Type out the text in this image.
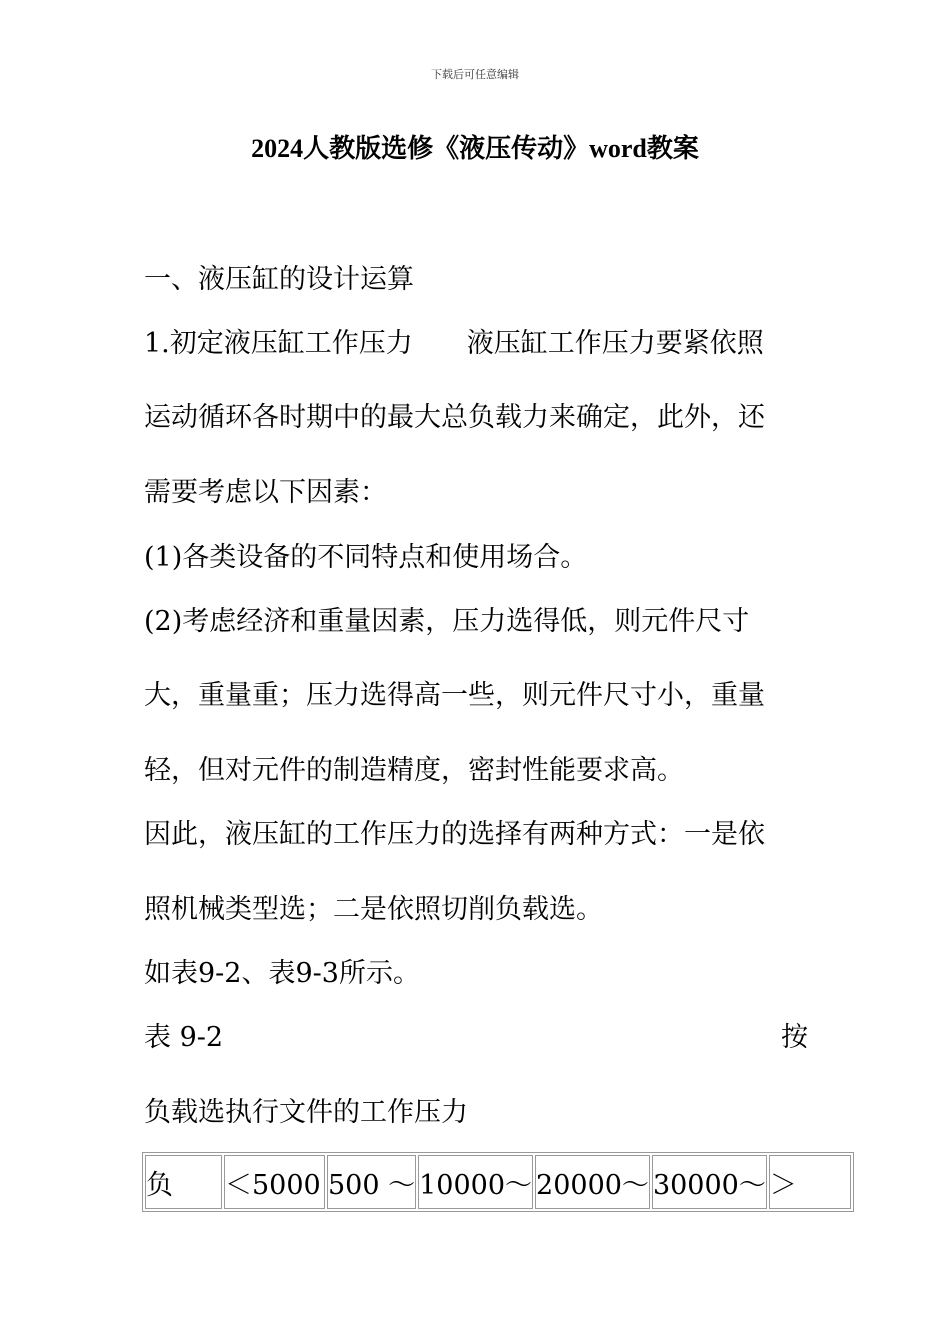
下载后可任意编辑
2024人教版选修《液压传动》word教案
一、液压缸的设计运算
1.初定液压缸工作压力　　液压缸工作压力要紧依照
运动循环各时期中的最大总负载力来确定，此外，还
需要考虑以下因素：
(1)各类设备的不同特点和使用场合。
(2)考虑经济和重量因素，压力选得低，则元件尺寸
大，重量重；压力选得高一些，则元件尺寸小，重量
轻，但对元件的制造精度，密封性能要求高。
因此，液压缸的工作压力的选择有两种方式：一是依
照机械类型选；二是依照切削负载选。
如表9-2、表9-3所示。
表 9-2	按
负载选执行文件的工作压力
负	＜5000	500 ～	10000～	20000～	30000～	＞
